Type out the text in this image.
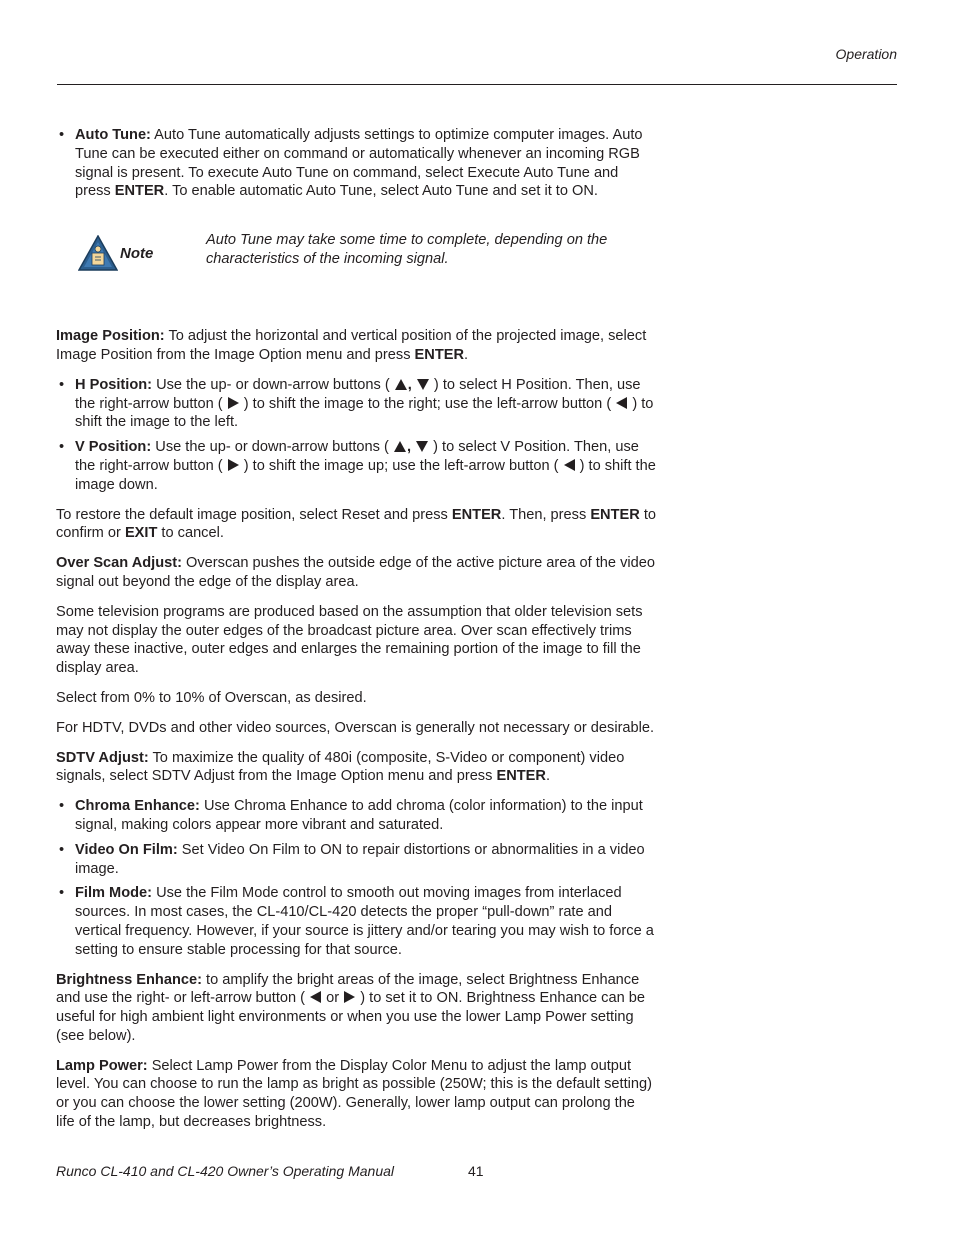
Operation
• Auto Tune: Auto Tune automatically adjusts settings to optimize computer images. Auto Tune can be executed either on command or automatically whenever an incoming RGB signal is present. To execute Auto Tune on command, select Execute Auto Tune and press ENTER. To enable automatic Auto Tune, select Auto Tune and set it to ON.
Note
Auto Tune may take some time to complete, depending on the characteristics of the incoming signal.

Image Position: To adjust the horizontal and vertical position of the projected image, select Image Position from the Image Option menu and press ENTER.

• H Position: Use the up- or down-arrow buttons ( ,  ) to select H Position. Then, use the right-arrow button (  ) to shift the image to the right; use the left-arrow button (  ) to shift the image to the left.
• V Position: Use the up- or down-arrow buttons ( ,  ) to select V Position. Then, use the right-arrow button (  ) to shift the image up; use the left-arrow button (  ) to shift the image down.

To restore the default image position, select Reset and press ENTER. Then, press ENTER to confirm or EXIT to cancel.

Over Scan Adjust: Overscan pushes the outside edge of the active picture area of the video signal out beyond the edge of the display area.

Some television programs are produced based on the assumption that older television sets may not display the outer edges of the broadcast picture area. Over scan effectively trims away these inactive, outer edges and enlarges the remaining portion of the image to fill the display area.

Select from 0% to 10% of Overscan, as desired.

For HDTV, DVDs and other video sources, Overscan is generally not necessary or desirable.

SDTV Adjust: To maximize the quality of 480i (composite, S-Video or component) video signals, select SDTV Adjust from the Image Option menu and press ENTER.

• Chroma Enhance: Use Chroma Enhance to add chroma (color information) to the input signal, making colors appear more vibrant and saturated.
• Video On Film: Set Video On Film to ON to repair distortions or abnormalities in a video image.
• Film Mode: Use the Film Mode control to smooth out moving images from interlaced sources. In most cases, the CL-410/CL-420 detects the proper “pull-down” rate and vertical frequency. However, if your source is jittery and/or tearing you may wish to force a setting to ensure stable processing for that source.

Brightness Enhance: to amplify the bright areas of the image, select Brightness Enhance and use the right- or left-arrow button (  or  ) to set it to ON. Brightness Enhance can be useful for high ambient light environments or when you use the lower Lamp Power setting (see below).

Lamp Power: Select Lamp Power from the Display Color Menu to adjust the lamp output level. You can choose to run the lamp as bright as possible (250W; this is the default setting) or you can choose the lower setting (200W). Generally, lower lamp output can prolong the life of the lamp, but decreases brightness.

Runco CL-410 and CL-420 Owner’s Operating Manual	41
